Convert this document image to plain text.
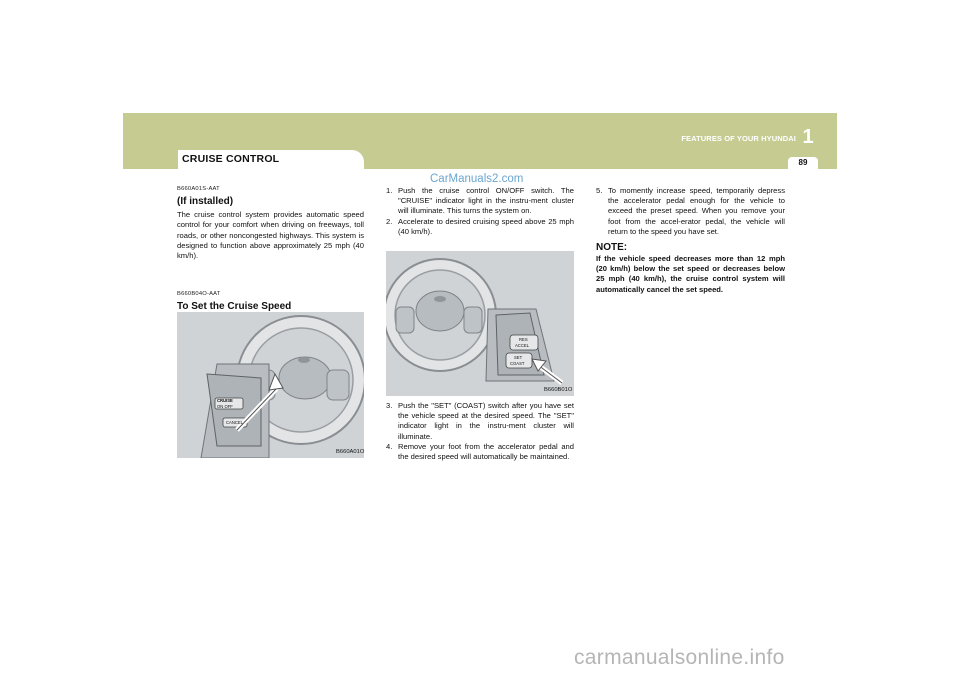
CRUISE CONTROL
FEATURES OF YOUR HYUNDAI 1
89
CarManuals2.com
B660A01S-AAT
(If installed)
The cruise control system provides automatic speed control for your comfort when driving on freeways, toll roads, or other noncongested highways. This system is designed to function above approximately 25 mph (40 km/h).
B660B04O-AAT
To Set the Cruise Speed
CRUISE
ON OFF
CANCEL
B660A01O
1. Push the cruise control ON/OFF switch. The "CRUISE" indicator light in the instru-ment cluster will illuminate. This turns the system on.
2. Accelerate to desired cruising speed above 25 mph (40 km/h).
RES
ACCEL
SET
COAST
B660B01O
3. Push the "SET" (COAST) switch after you have set the vehicle speed at the desired speed. The "SET" indicator light in the instru-ment cluster will illuminate.
4. Remove your foot from the accelerator pedal and the desired speed will automatically be maintained.
5. To momently increase speed, temporarily depress the accelerator pedal enough for the vehicle to exceed the preset speed. When you remove your foot from the accel-erator pedal, the vehicle will return to the speed you have set.
NOTE:
If the vehicle speed decreases more than 12 mph (20 km/h) below the set speed or decreases below 25 mph (40 km/h), the cruise control system will automatically cancel the set speed.
carmanualsonline.info
